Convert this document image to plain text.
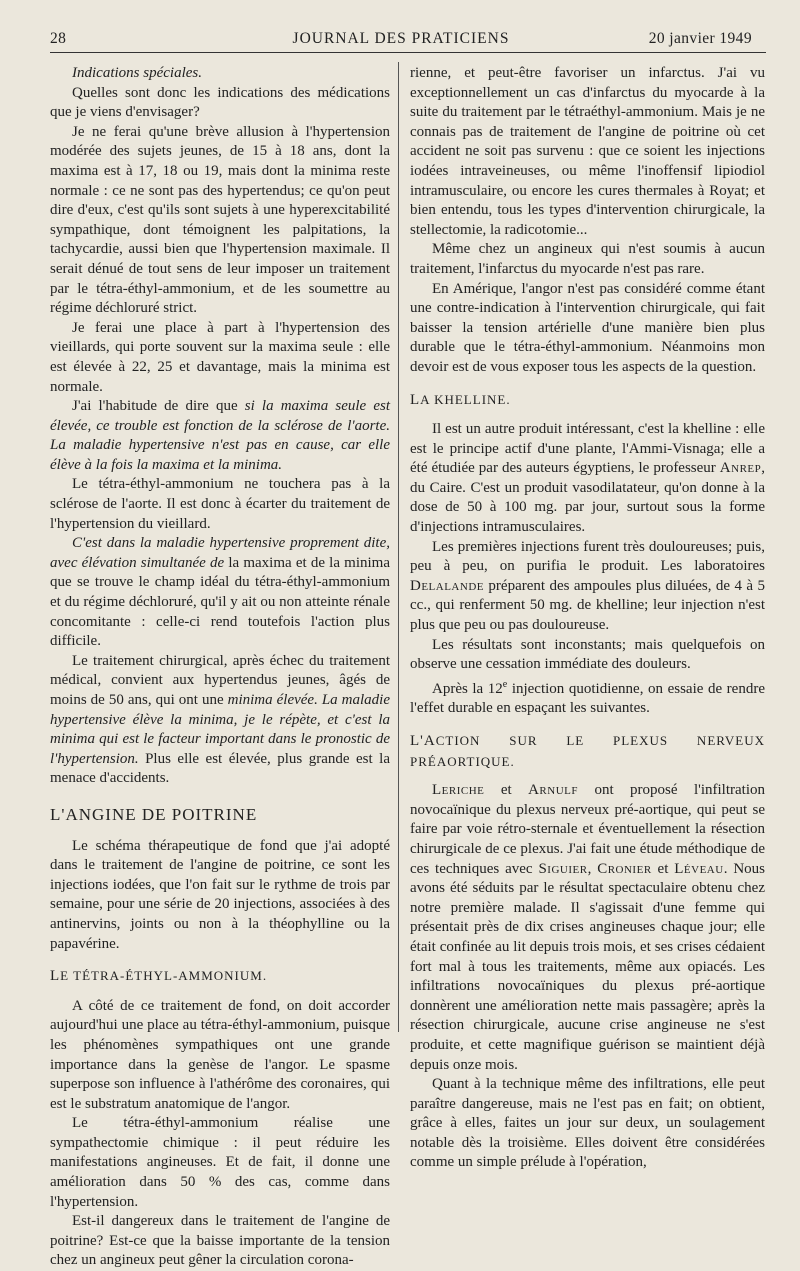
28	JOURNAL DES PRATICIENS	20 janvier 1949

Indications spéciales.

Quelles sont donc les indications des médications que je viens d'envisager?

Je ne ferai qu'une brève allusion à l'hypertension modérée des sujets jeunes, de 15 à 18 ans, dont la maxima est à 17, 18 ou 19, mais dont la minima reste normale : ce ne sont pas des hypertendus; ce qu'on peut dire d'eux, c'est qu'ils sont sujets à une hyperexcitabilité sympathique, dont témoignent les palpitations, la tachycardie, aussi bien que l'hypertension maximale. Il serait dénué de tout sens de leur imposer un traitement par le tétra-éthyl-ammonium, et de les soumettre au régime déchloruré strict.

Je ferai une place à part à l'hypertension des vieillards, qui porte souvent sur la maxima seule : elle est élevée à 22, 25 et davantage, mais la minima est normale.

J'ai l'habitude de dire que si la maxima seule est élevée, ce trouble est fonction de la sclérose de l'aorte. La maladie hypertensive n'est pas en cause, car elle élève à la fois la maxima et la minima.

Le tétra-éthyl-ammonium ne touchera pas à la sclérose de l'aorte. Il est donc à écarter du traitement de l'hypertension du vieillard.

C'est dans la maladie hypertensive proprement dite, avec élévation simultanée de la maxima et de la minima que se trouve le champ idéal du tétra-éthyl-ammonium et du régime déchloruré, qu'il y ait ou non atteinte rénale concomitante : celle-ci rend toutefois l'action plus difficile.

Le traitement chirurgical, après échec du traitement médical, convient aux hypertendus jeunes, âgés de moins de 50 ans, qui ont une minima élevée. La maladie hypertensive élève la minima, je le répète, et c'est la minima qui est le facteur important dans le pronostic de l'hypertension. Plus elle est élevée, plus grande est la menace d'accidents.

L'ANGINE DE POITRINE

Le schéma thérapeutique de fond que j'ai adopté dans le traitement de l'angine de poitrine, ce sont les injections iodées, que l'on fait sur le rythme de trois par semaine, pour une série de 20 injections, associées à des antinervins, joints ou non à la théophylline ou la papavérine.

LE TÉTRA-ÉTHYL-AMMONIUM.

A côté de ce traitement de fond, on doit accorder aujourd'hui une place au tétra-éthyl-ammonium, puisque les phénomènes sympathiques ont une grande importance dans la genèse de l'angor. Le spasme superpose son influence à l'athérôme des coronaires, qui est le substratum anatomique de l'angor.

Le tétra-éthyl-ammonium réalise une sympathectomie chimique : il peut réduire les manifestations angineuses. Et de fait, il donne une amélioration dans 50 % des cas, comme dans l'hypertension.

Est-il dangereux dans le traitement de l'angine de poitrine? Est-ce que la baisse importante de la tension chez un angineux peut gêner la circulation corona-

rienne, et peut-être favoriser un infarctus. J'ai vu exceptionnellement un cas d'infarctus du myocarde à la suite du traitement par le tétraéthyl-ammonium. Mais je ne connais pas de traitement de l'angine de poitrine où cet accident ne soit pas survenu : que ce soient les injections iodées intraveineuses, ou même l'inoffensif lipiodiol intramusculaire, ou encore les cures thermales à Royat; et bien entendu, tous les types d'intervention chirurgicale, la stellectomie, la radicotomie...

Même chez un angineux qui n'est soumis à aucun traitement, l'infarctus du myocarde n'est pas rare.

En Amérique, l'angor n'est pas considéré comme étant une contre-indication à l'intervention chirurgicale, qui fait baisser la tension artérielle d'une manière bien plus durable que le tétra-éthyl-ammonium. Néanmoins mon devoir est de vous exposer tous les aspects de la question.

LA KHELLINE.

Il est un autre produit intéressant, c'est la khelline : elle est le principe actif d'une plante, l'Ammi-Visnaga; elle a été étudiée par des auteurs égyptiens, le professeur Anrep, du Caire. C'est un produit vasodilatateur, qu'on donne à la dose de 50 à 100 mg. par jour, surtout sous la forme d'injections intramusculaires.

Les premières injections furent très douloureuses; puis, peu à peu, on purifia le produit. Les laboratoires Delalande préparent des ampoules plus diluées, de 4 à 5 cc., qui renferment 50 mg. de khelline; leur injection n'est plus que peu ou pas douloureuse.

Les résultats sont inconstants; mais quelquefois on observe une cessation immédiate des douleurs.

Après la 12e injection quotidienne, on essaie de rendre l'effet durable en espaçant les suivantes.

L'ACTION SUR LE PLEXUS NERVEUX PRÉAORTIQUE.

Leriche et Arnulf ont proposé l'infiltration novocaïnique du plexus nerveux pré-aortique, qui peut se faire par voie rétro-sternale et éventuellement la résection chirurgicale de ce plexus. J'ai fait une étude méthodique de ces techniques avec Siguier, Cronier et Léveau. Nous avons été séduits par le résultat spectaculaire obtenu chez notre première malade. Il s'agissait d'une femme qui présentait près de dix crises angineuses chaque jour; elle était confinée au lit depuis trois mois, et ses crises cédaient fort mal à tous les traitements, même aux opiacés. Les infiltrations novocaïniques du plexus pré-aortique donnèrent une amélioration nette mais passagère; après la résection chirurgicale, aucune crise angineuse ne s'est produite, et cette magnifique guérison se maintient déjà depuis onze mois.

Quant à la technique même des infiltrations, elle peut paraître dangereuse, mais ne l'est pas en fait; on obtient, grâce à elles, faites un jour sur deux, un soulagement notable dès la troisième. Elles doivent être considérées comme un simple prélude à l'opération,
